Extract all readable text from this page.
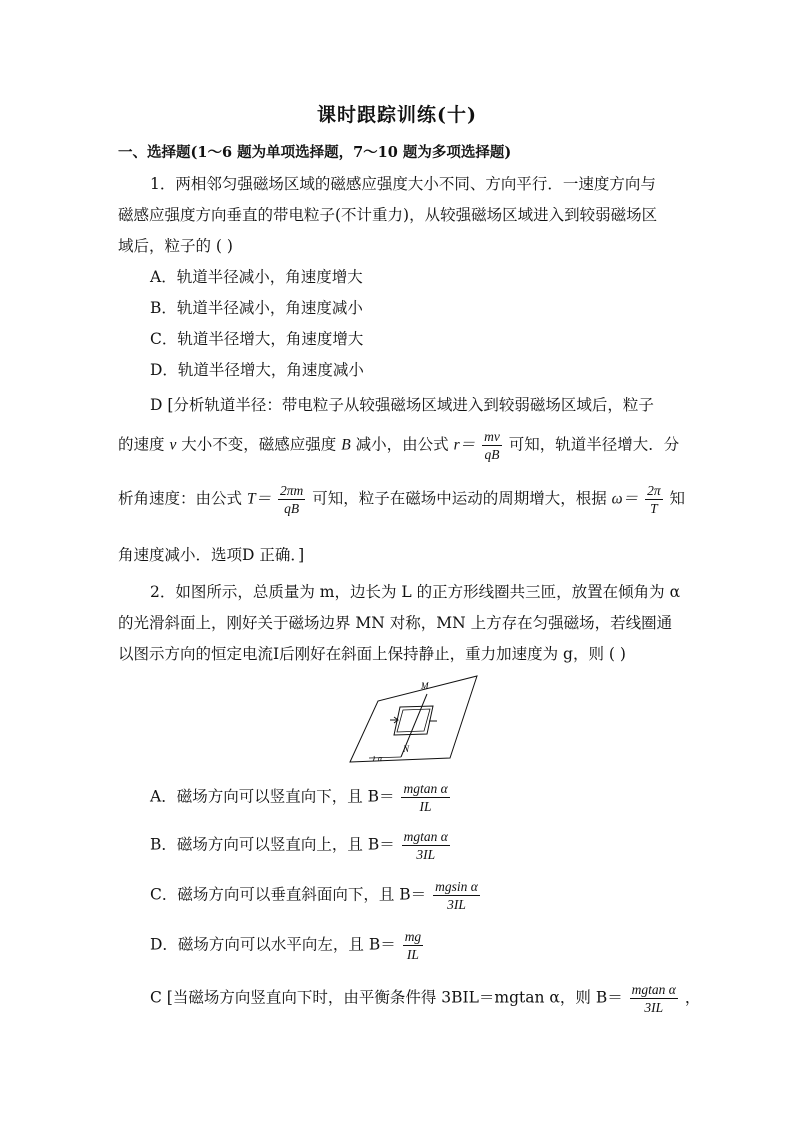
课时跟踪训练(十)
一、选择题(1～6 题为单项选择题，7～10 题为多项选择题)
1．两相邻匀强磁场区域的磁感应强度大小不同、方向平行．一速度方向与
磁感应强度方向垂直的带电粒子(不计重力)，从较强磁场区域进入到较弱磁场区
域后，粒子的 ( )
A．轨道半径减小，角速度增大
B．轨道半径减小，角速度减小
C．轨道半径增大，角速度增大
D．轨道半径增大，角速度减小
D [分析轨道半径：带电粒子从较强磁场区域进入到较弱磁场区域后，粒子
的速度 v 大小不变，磁感应强度 B 减小，由公式 $r= \frac{mv}{qB}$ 可知，轨道半径增大．分
析角速度：由公式 $T= \frac{2\pi m}{qB}$ 可知，粒子在磁场中运动的周期增大，根据 $\omega= \frac{2\pi}{T}$ 知
角速度减小．选项D 正确．]
2．如图所示，总质量为 m，边长为 L 的正方形线圈共三匝，放置在倾角为 α
的光滑斜面上，刚好关于磁场边界 MN 对称，MN 上方存在匀强磁场，若线圈通
以图示方向的恒定电流I后刚好在斜面上保持静止，重力加速度为 g，则 ( )
M
N
α
A．磁场方向可以竖直向下，且 $B= \frac{\text{mgtan α}}{IL}$
B．磁场方向可以竖直向上，且 $B= \frac{\text{mgtan α}}{3IL}$
C．磁场方向可以垂直斜面向下，且 $B= \frac{\text{mgsin α}}{3IL}$
D．磁场方向可以水平向左，且 $B= \frac{mg}{IL}$
C [当磁场方向竖直向下时，由平衡条件得 3BIL＝mgtan α，则 $B= \frac{\text{mgtan α}}{3IL}$ ，
